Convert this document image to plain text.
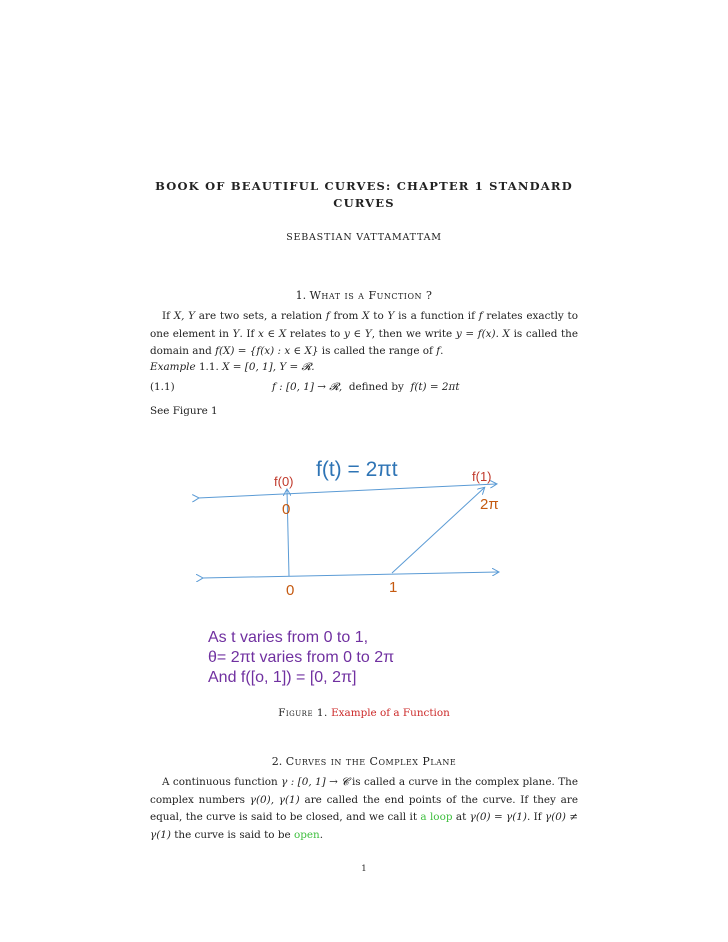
BOOK OF BEAUTIFUL CURVES: CHAPTER 1 STANDARD
CURVES
SEBASTIAN VATTAMATTAM
1. What is a Function ?
If X, Y are two sets, a relation f from X to Y is a function if f relates exactly to one element in Y. If x ∈ X relates to y ∈ Y, then we write y = f(x). X is called the domain and f(X) = {f(x) : x ∈ X} is called the range of f.
Example 1.1. X = [0, 1], Y = 𝓡.
(1.1)	f : [0, 1] → 𝓡,  defined by  f(t) = 2πt
See Figure 1
f(t) = 2πt
f(0)	f(1)
0	2π
0	1
As t varies from 0 to 1,
θ= 2πt varies from 0 to 2π
And f([o, 1]) = [0, 2π]
Figure 1. Example of a Function
2. Curves in the Complex Plane
A continuous function γ : [0, 1] → 𝓒 is called a curve in the complex plane. The complex numbers γ(0), γ(1) are called the end points of the curve. If they are equal, the curve is said to be closed, and we call it a loop at γ(0) = γ(1). If γ(0) ≠ γ(1) the curve is said to be open.
1
